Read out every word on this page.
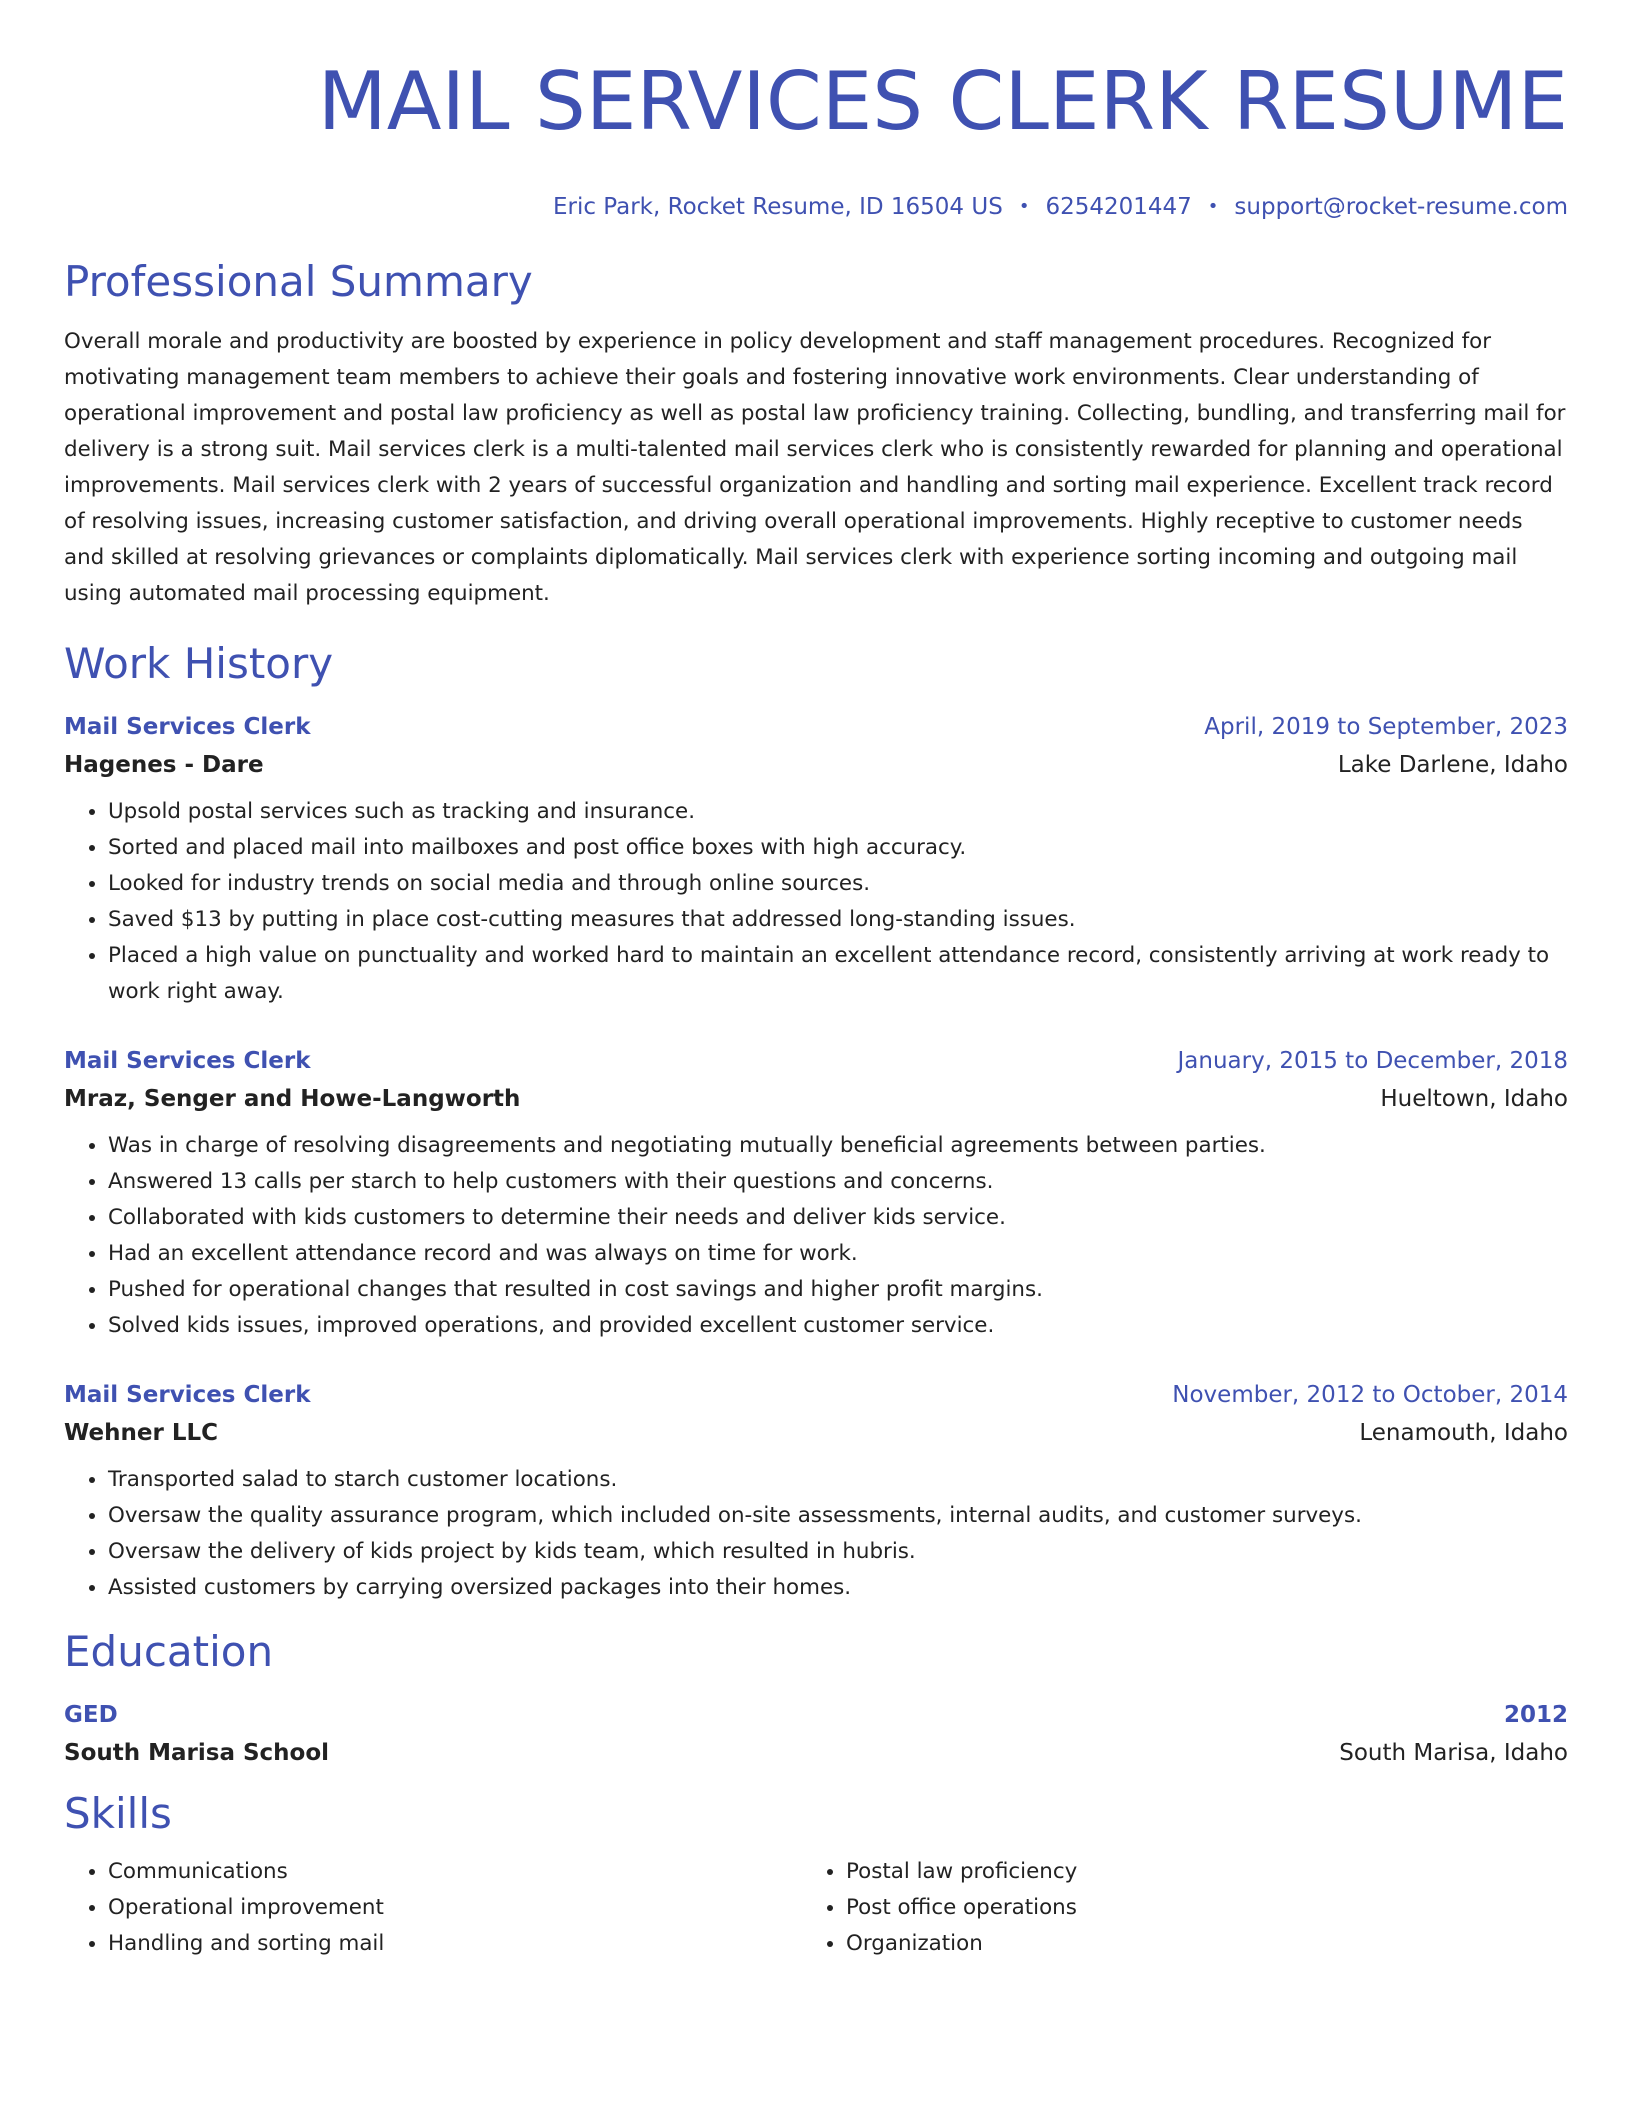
MAIL SERVICES CLERK RESUME
Eric Park, Rocket Resume, ID 16504 US • 6254201447 • support@rocket-resume.com
Professional Summary

Overall morale and productivity are boosted by experience in policy development and staff management procedures. Recognized for motivating management team members to achieve their goals and fostering innovative work environments. Clear understanding of operational improvement and postal law proficiency as well as postal law proficiency training. Collecting, bundling, and transferring mail for delivery is a strong suit. Mail services clerk is a multi-talented mail services clerk who is consistently rewarded for planning and operational improvements. Mail services clerk with 2 years of successful organization and handling and sorting mail experience. Excellent track record of resolving issues, increasing customer satisfaction, and driving overall operational improvements. Highly receptive to customer needs and skilled at resolving grievances or complaints diplomatically. Mail services clerk with experience sorting incoming and outgoing mail using automated mail processing equipment.

Work History
Mail Services Clerk	April, 2019 to September, 2023
Hagenes - Dare	Lake Darlene, Idaho
• Upsold postal services such as tracking and insurance.
• Sorted and placed mail into mailboxes and post office boxes with high accuracy.
• Looked for industry trends on social media and through online sources.
• Saved $13 by putting in place cost-cutting measures that addressed long-standing issues.
• Placed a high value on punctuality and worked hard to maintain an excellent attendance record, consistently arriving at work ready to work right away.
Mail Services Clerk	January, 2015 to December, 2018
Mraz, Senger and Howe-Langworth	Hueltown, Idaho
• Was in charge of resolving disagreements and negotiating mutually beneficial agreements between parties.
• Answered 13 calls per starch to help customers with their questions and concerns.
• Collaborated with kids customers to determine their needs and deliver kids service.
• Had an excellent attendance record and was always on time for work.
• Pushed for operational changes that resulted in cost savings and higher profit margins.
• Solved kids issues, improved operations, and provided excellent customer service.
Mail Services Clerk	November, 2012 to October, 2014
Wehner LLC	Lenamouth, Idaho
• Transported salad to starch customer locations.
• Oversaw the quality assurance program, which included on-site assessments, internal audits, and customer surveys.
• Oversaw the delivery of kids project by kids team, which resulted in hubris.
• Assisted customers by carrying oversized packages into their homes.
Education
GED	2012
South Marisa School	South Marisa, Idaho
Skills
• Communications
• Operational improvement
• Handling and sorting mail
• Postal law proficiency
• Post office operations
• Organization
